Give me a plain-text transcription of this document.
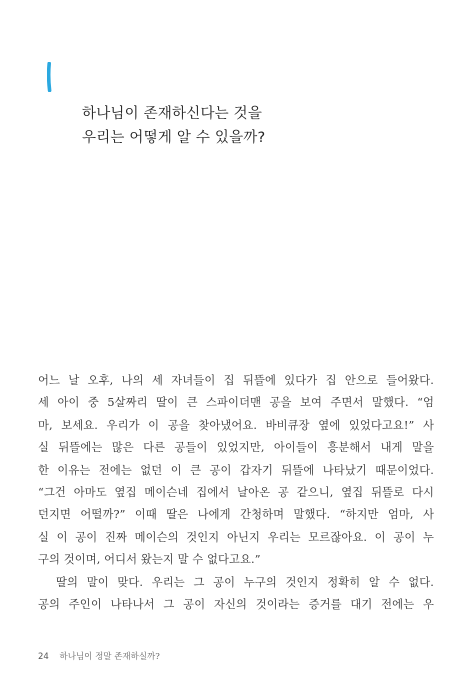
하나님이 존재하신다는 것을
우리는 어떻게 알 수 있을까?
어느 날 오후, 나의 세 자녀들이 집 뒤뜰에 있다가 집 안으로 들어왔다.
세 아이 중 5살짜리 딸이 큰 스파이더맨 공을 보여 주면서 말했다. “엄
마, 보세요. 우리가 이 공을 찾아냈어요. 바비큐장 옆에 있었다고요!” 사
실 뒤뜰에는 많은 다른 공들이 있었지만, 아이들이 흥분해서 내게 말을
한 이유는 전에는 없던 이 큰 공이 갑자기 뒤뜰에 나타났기 때문이었다.
“그건 아마도 옆집 메이슨네 집에서 날아온 공 같으니, 옆집 뒤뜰로 다시
던지면 어떨까?” 이때 딸은 나에게 간청하며 말했다. “하지만 엄마, 사
실 이 공이 진짜 메이슨의 것인지 아닌지 우리는 모르잖아요. 이 공이 누
구의 것이며, 어디서 왔는지 말 수 없다고요.”
딸의 말이 맞다. 우리는 그 공이 누구의 것인지 정확히 알 수 없다.
공의 주인이 나타나서 그 공이 자신의 것이라는 증거를 대기 전에는 우
24 하나님이 정말 존재하실까?
